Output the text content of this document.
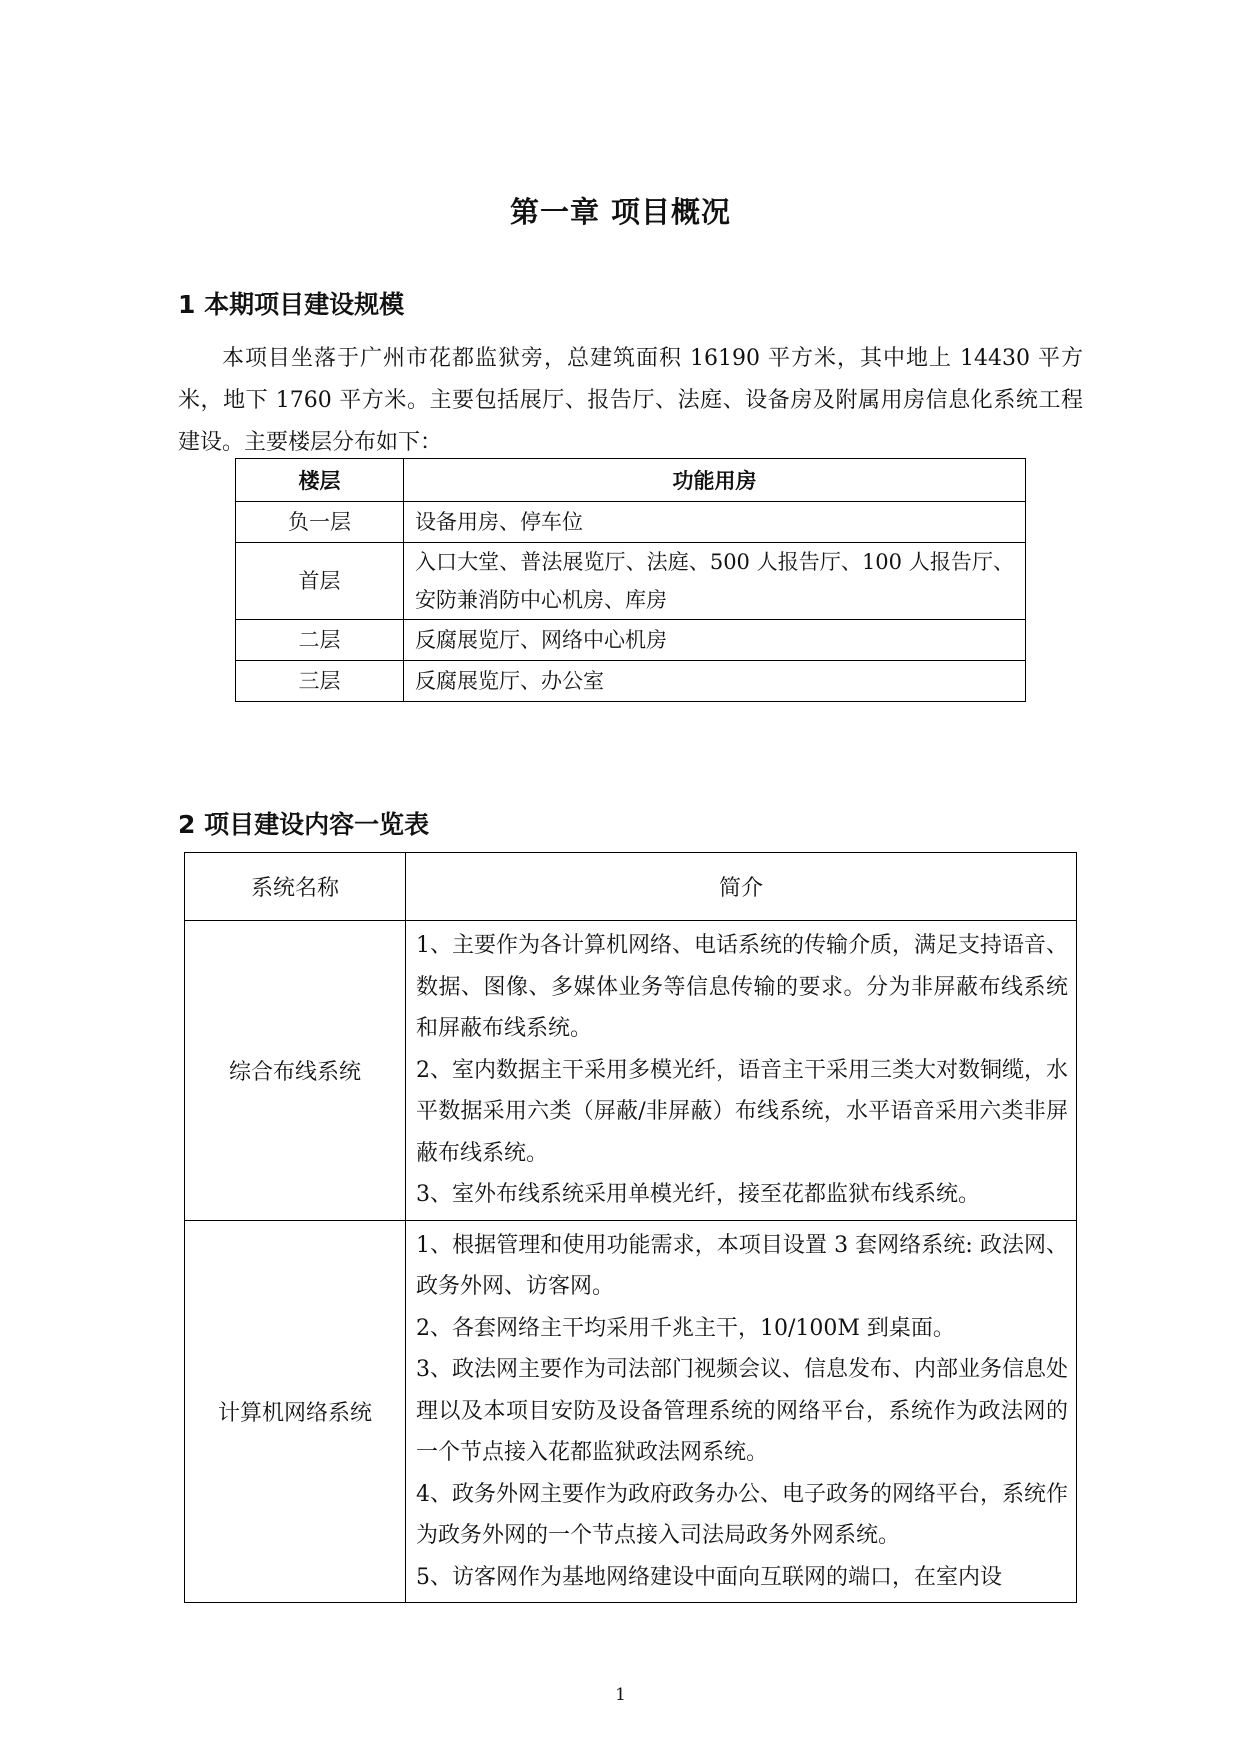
第一章 项目概况
1 本期项目建设规模

本项目坐落于广州市花都监狱旁，总建筑面积 16190 平方米，其中地上 14430 平方米，地下 1760 平方米。主要包括展厅、报告厅、法庭、设备房及附属用房信息化系统工程建设。主要楼层分布如下：

楼层	功能用房
负一层	设备用房、停车位
首层	入口大堂、普法展览厅、法庭、500 人报告厅、100 人报告厅、安防兼消防中心机房、库房
二层	反腐展览厅、网络中心机房
三层	反腐展览厅、办公室
2 项目建设内容一览表
系统名称	简介
综合布线系统	1、主要作为各计算机网络、电话系统的传输介质，满足支持语音、数据、图像、多媒体业务等信息传输的要求。分为非屏蔽布线系统和屏蔽布线系统。
2、室内数据主干采用多模光纤，语音主干采用三类大对数铜缆，水平数据采用六类（屏蔽/非屏蔽）布线系统，水平语音采用六类非屏蔽布线系统。
3、室外布线系统采用单模光纤，接至花都监狱布线系统。

计算机网络系统	1、根据管理和使用功能需求，本项目设置 3 套网络系统: 政法网、政务外网、访客网。
2、各套网络主干均采用千兆主干，10/100M 到桌面。
3、政法网主要作为司法部门视频会议、信息发布、内部业务信息处理以及本项目安防及设备管理系统的网络平台，系统作为政法网的一个节点接入花都监狱政法网系统。
4、政务外网主要作为政府政务办公、电子政务的网络平台，系统作为政务外网的一个节点接入司法局政务外网系统。
5、访客网作为基地网络建设中面向互联网的端口，在室内设
1
